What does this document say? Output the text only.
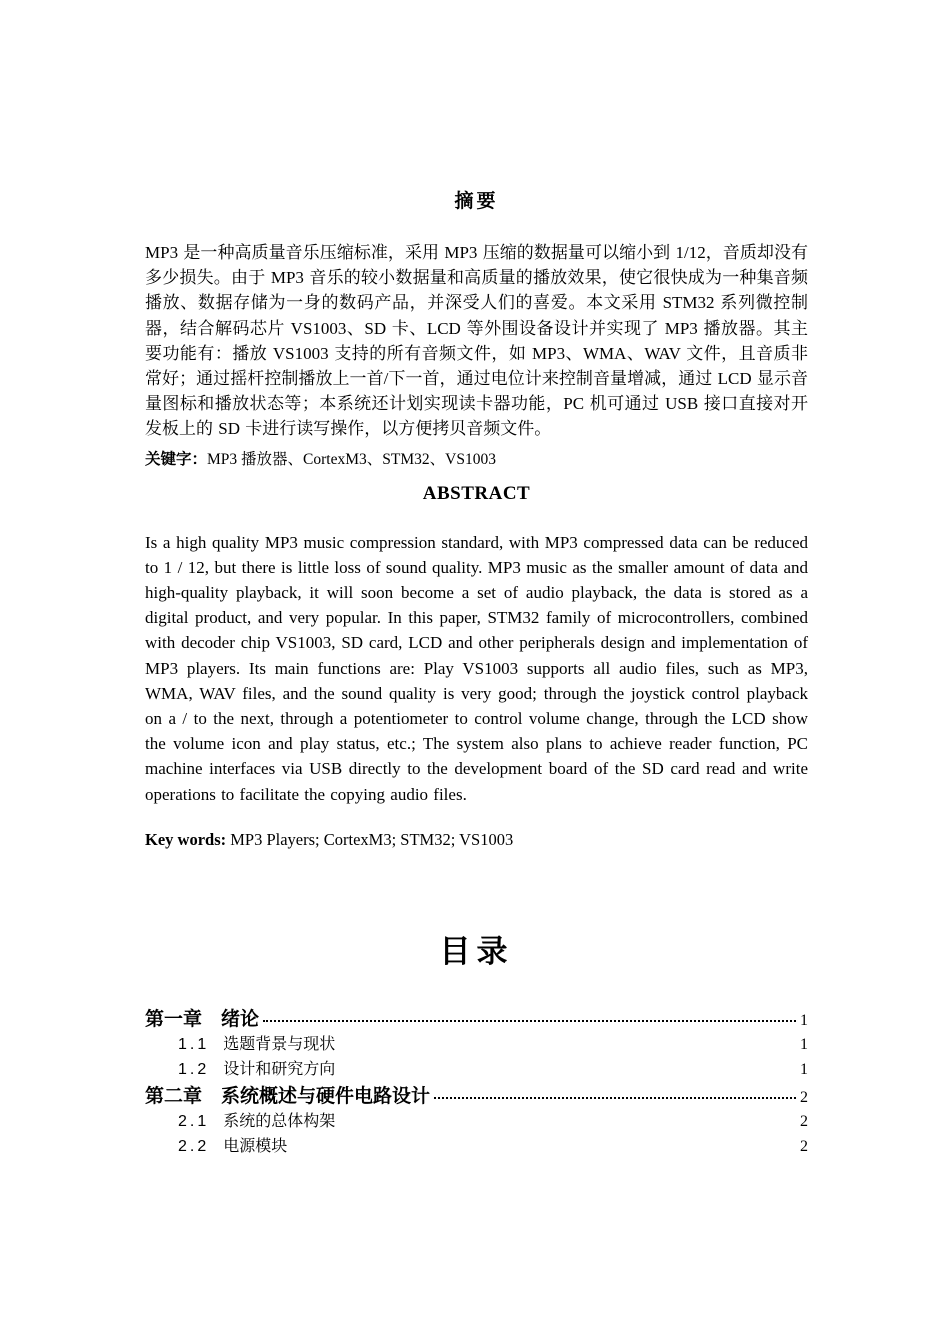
摘要

MP3 是一种高质量音乐压缩标准，采用 MP3 压缩的数据量可以缩小到 1/12，音质却没有多少损失。由于 MP3 音乐的较小数据量和高质量的播放效果，使它很快成为一种集音频播放、数据存储为一身的数码产品，并深受人们的喜爱。本文采用 STM32 系列微控制器，结合解码芯片 VS1003、SD 卡、LCD 等外围设备设计并实现了 MP3 播放器。其主要功能有：播放 VS1003 支持的所有音频文件，如 MP3、WMA、WAV 文件，且音质非常好；通过摇杆控制播放上一首/下一首，通过电位计来控制音量增减，通过 LCD 显示音量图标和播放状态等；本系统还计划实现读卡器功能，PC 机可通过 USB 接口直接对开发板上的 SD 卡进行读写操作，以方便拷贝音频文件。

关键字：MP3 播放器、CortexM3、STM32、VS1003

ABSTRACT

Is a high quality MP3 music compression standard, with MP3 compressed data can be reduced to 1 / 12, but there is little loss of sound quality. MP3 music as the smaller amount of data and high-quality playback, it will soon become a set of audio playback, the data is stored as a digital product, and very popular. In this paper, STM32 family of microcontrollers, combined with decoder chip VS1003, SD card, LCD and other peripherals design and implementation of MP3 players. Its main functions are: Play VS1003 supports all audio files, such as MP3, WMA, WAV files, and the sound quality is very good; through the joystick control playback on a / to the next, through a potentiometer to control volume change, through the LCD show the volume icon and play status, etc.; The system also plans to achieve reader function, PC machine interfaces via USB directly to the development board of the SD card read and write operations to facilitate the copying audio files.

Key words: MP3 Players; CortexM3; STM32; VS1003

目录
第一章 绪论	1
1.1 选题背景与现状	1
1.2 设计和研究方向	1
第二章 系统概述与硬件电路设计	2
2.1 系统的总体构架	2
2.2 电源模块	2
